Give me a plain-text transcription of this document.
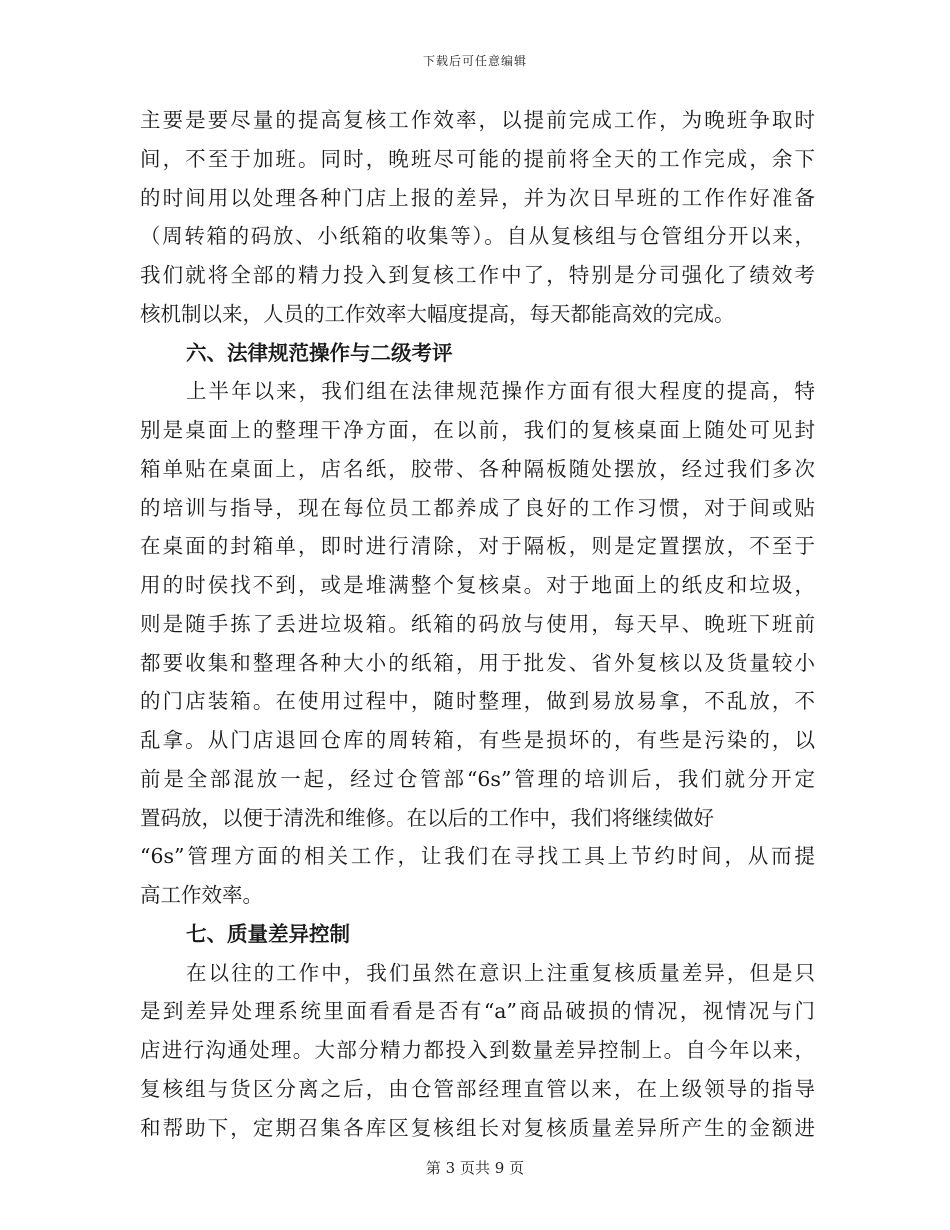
下载后可任意编辑
主要是要尽量的提高复核工作效率，以提前完成工作，为晚班争取时
间，不至于加班。同时，晚班尽可能的提前将全天的工作完成，余下
的时间用以处理各种门店上报的差异，并为次日早班的工作作好准备
（周转箱的码放、小纸箱的收集等）。自从复核组与仓管组分开以来，
我们就将全部的精力投入到复核工作中了，特别是分司强化了绩效考
核机制以来，人员的工作效率大幅度提高，每天都能高效的完成。
六、法律规范操作与二级考评
上半年以来，我们组在法律规范操作方面有很大程度的提高，特
别是桌面上的整理干净方面，在以前，我们的复核桌面上随处可见封
箱单贴在桌面上，店名纸，胶带、各种隔板随处摆放，经过我们多次
的培训与指导，现在每位员工都养成了良好的工作习惯，对于间或贴
在桌面的封箱单，即时进行清除，对于隔板，则是定置摆放，不至于
用的时侯找不到，或是堆满整个复核桌。对于地面上的纸皮和垃圾，
则是随手拣了丢进垃圾箱。纸箱的码放与使用，每天早、晚班下班前
都要收集和整理各种大小的纸箱，用于批发、省外复核以及货量较小
的门店装箱。在使用过程中，随时整理，做到易放易拿，不乱放，不
乱拿。从门店退回仓库的周转箱，有些是损坏的，有些是污染的，以
前是全部混放一起，经过仓管部“6s”管理的培训后，我们就分开定
置码放，以便于清洗和维修。在以后的工作中，我们将继续做好
“6s”管理方面的相关工作，让我们在寻找工具上节约时间，从而提
高工作效率。
七、质量差异控制
在以往的工作中，我们虽然在意识上注重复核质量差异，但是只
是到差异处理系统里面看看是否有“a”商品破损的情况，视情况与门
店进行沟通处理。大部分精力都投入到数量差异控制上。自今年以来，
复核组与货区分离之后，由仓管部经理直管以来，在上级领导的指导
和帮助下，定期召集各库区复核组长对复核质量差异所产生的金额进
第 3 页共 9 页
